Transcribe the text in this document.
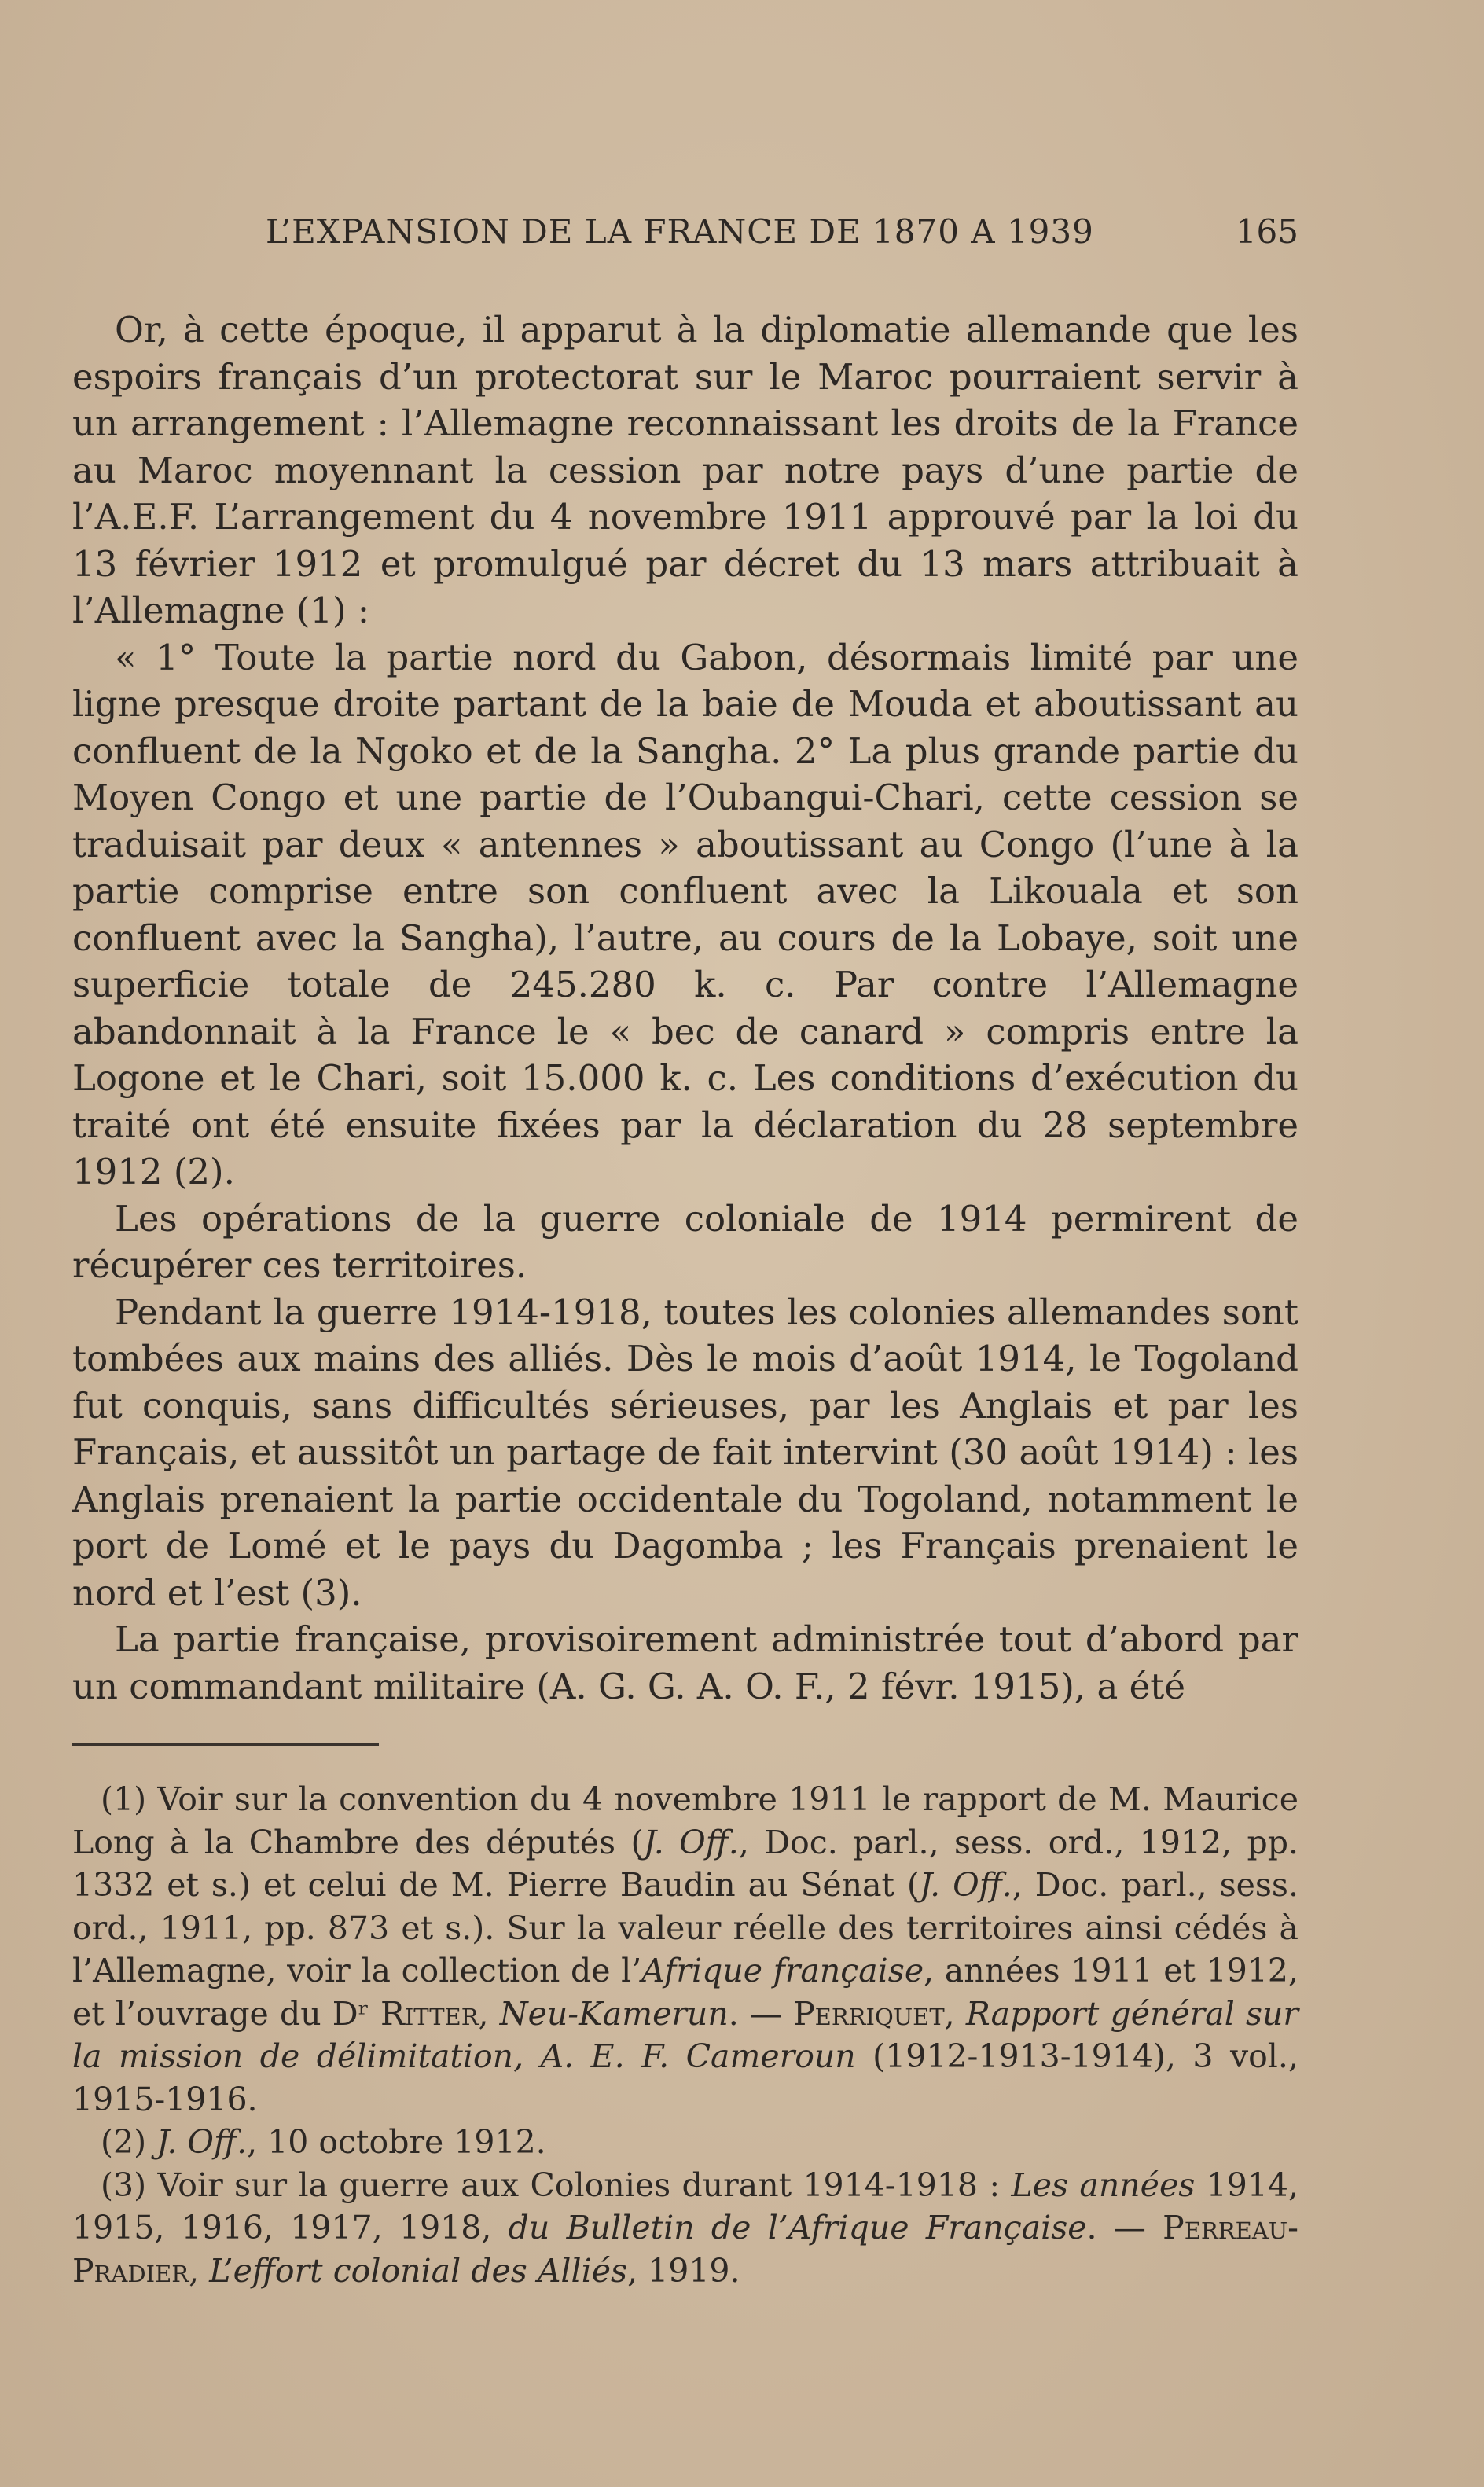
L’EXPANSION DE LA FRANCE DE 1870 A 1939	165

Or, à cette époque, il apparut à la diplomatie allemande que les espoirs français d’un protectorat sur le Maroc pourraient servir à un arrangement : l’Allemagne reconnaissant les droits de la France au Maroc moyennant la cession par notre pays d’une partie de l’A.E.F. L’arrangement du 4 novembre 1911 approuvé par la loi du 13 février 1912 et promulgué par décret du 13 mars attribuait à l’Allemagne (1) :

« 1° Toute la partie nord du Gabon, désormais limité par une ligne presque droite partant de la baie de Mouda et aboutissant au confluent de la Ngoko et de la Sangha. 2° La plus grande partie du Moyen Congo et une partie de l’Oubangui-Chari, cette cession se traduisait par deux « antennes » aboutissant au Congo (l’une à la partie comprise entre son confluent avec la Likouala et son confluent avec la Sangha), l’autre, au cours de la Lobaye, soit une superficie totale de 245.280 k. c. Par contre l’Allemagne abandonnait à la France le « bec de canard » compris entre la Logone et le Chari, soit 15.000 k. c. Les conditions d’exécution du traité ont été ensuite fixées par la déclaration du 28 septembre 1912 (2).

Les opérations de la guerre coloniale de 1914 permirent de récupérer ces territoires.

Pendant la guerre 1914-1918, toutes les colonies allemandes sont tombées aux mains des alliés. Dès le mois d’août 1914, le Togoland fut conquis, sans difficultés sérieuses, par les Anglais et par les Français, et aussitôt un partage de fait intervint (30 août 1914) : les Anglais prenaient la partie occidentale du Togoland, notamment le port de Lomé et le pays du Dagomba ; les Français prenaient le nord et l’est (3).

La partie française, provisoirement administrée tout d’abord par un commandant militaire (A. G. G. A. O. F., 2 févr. 1915), a été

(1) Voir sur la convention du 4 novembre 1911 le rapport de M. Maurice Long à la Chambre des députés (J. Off., Doc. parl., sess. ord., 1912, pp. 1332 et s.) et celui de M. Pierre Baudin au Sénat (J. Off., Doc. parl., sess. ord., 1911, pp. 873 et s.). Sur la valeur réelle des territoires ainsi cédés à l’Allemagne, voir la collection de l’Afrique française, années 1911 et 1912, et l’ouvrage du Dʳ Ritter, Neu-Kamerun. — Perriquet, Rapport général sur la mission de délimitation, A. E. F. Cameroun (1912-1913-1914), 3 vol., 1915-1916.

(2) J. Off., 10 octobre 1912.

(3) Voir sur la guerre aux Colonies durant 1914-1918 : Les années 1914, 1915, 1916, 1917, 1918, du Bulletin de l’Afrique Française. — Perreau-Pradier, L’effort colonial des Alliés, 1919.
